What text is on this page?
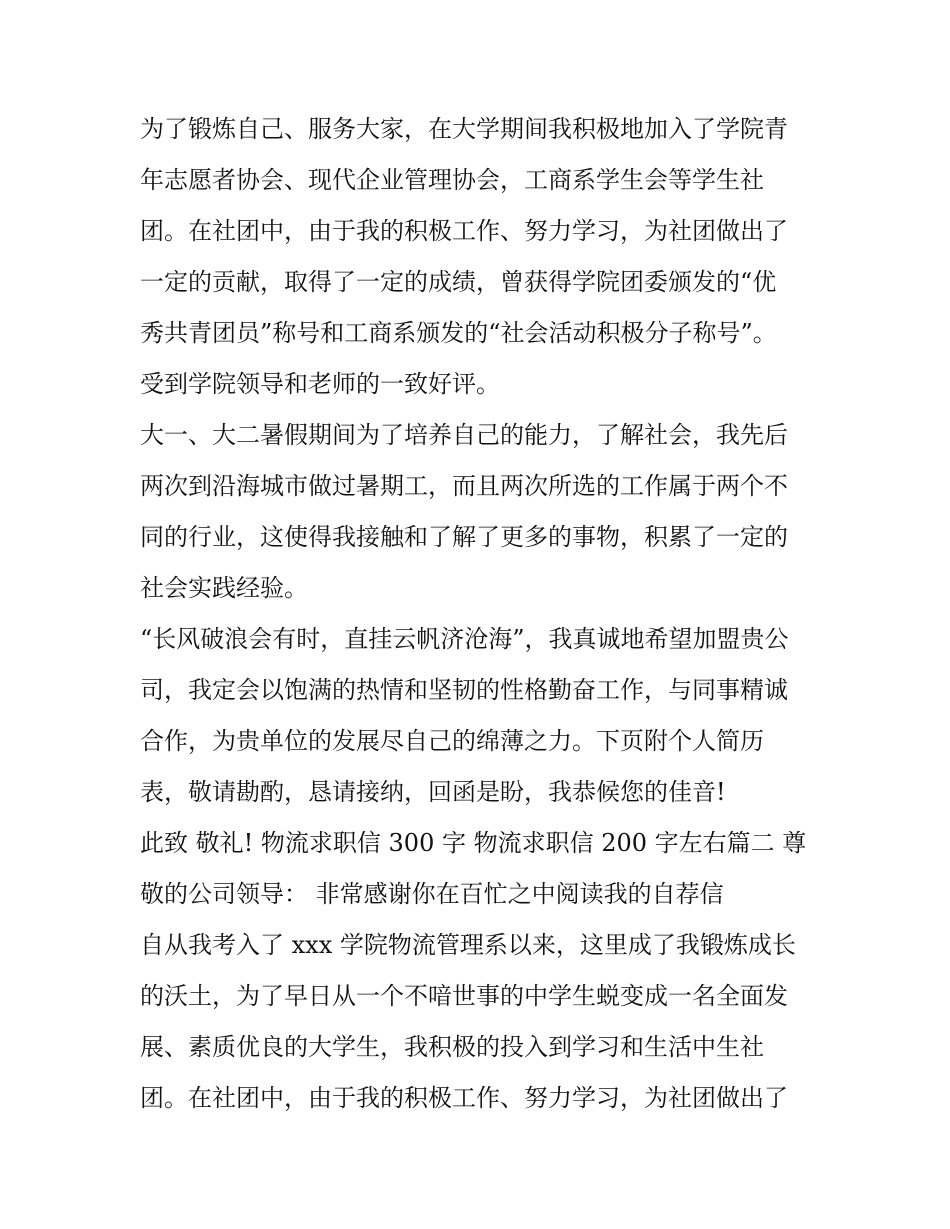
为了锻炼自己、服务大家，在大学期间我积极地加入了学院青
年志愿者协会、现代企业管理协会，工商系学生会等学生社
团。在社团中，由于我的积极工作、努力学习，为社团做出了
一定的贡献，取得了一定的成绩，曾获得学院团委颁发的“优
秀共青团员”称号和工商系颁发的“社会活动积极分子称号”。
受到学院领导和老师的一致好评。
大一、大二暑假期间为了培养自己的能力，了解社会，我先后
两次到沿海城市做过暑期工，而且两次所选的工作属于两个不
同的行业，这使得我接触和了解了更多的事物，积累了一定的
社会实践经验。
“长风破浪会有时，直挂云帆济沧海”，我真诚地希望加盟贵公
司，我定会以饱满的热情和坚韧的性格勤奋工作，与同事精诚
合作，为贵单位的发展尽自己的绵薄之力。下页附个人简历
表，敬请勘酌，恳请接纳，回函是盼，我恭候您的佳音!
此致 敬礼! 物流求职信 300 字 物流求职信 200 字左右篇二 尊
敬的公司领导： 非常感谢你在百忙之中阅读我的自荐信
自从我考入了 xxx 学院物流管理系以来，这里成了我锻炼成长
的沃土，为了早日从一个不喑世事的中学生蜕变成一名全面发
展、素质优良的大学生，我积极的投入到学习和生活中生社
团。在社团中，由于我的积极工作、努力学习，为社团做出了
